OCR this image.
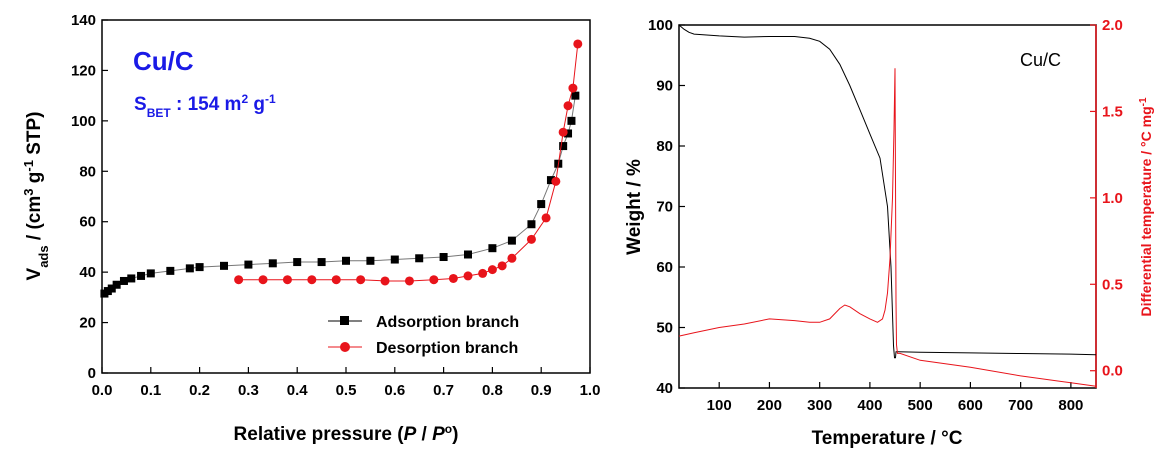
0.0 0.1 0.2 0.3 0.4 0.5 0.6 0.7 0.8 0.9 1.0
0
20
40
60
80
100
120
140
Relative pressure $(P / P^o)$
$V_{ads} / (cm^3$ $g^{-1}$ STP)
Cu/C
$S_{BET}$ : 154 $m^2$ $g^{-1}$
Adsorption branch
Desorption branch
100 200 300 400 500 600 700 800
40
50
60
70
80
90
100
0.0
0.5
1.0
1.5
2.0
Temperature / °C
Weight / %	Differential temperature / °C $mg^{-1}$
Cu/C
